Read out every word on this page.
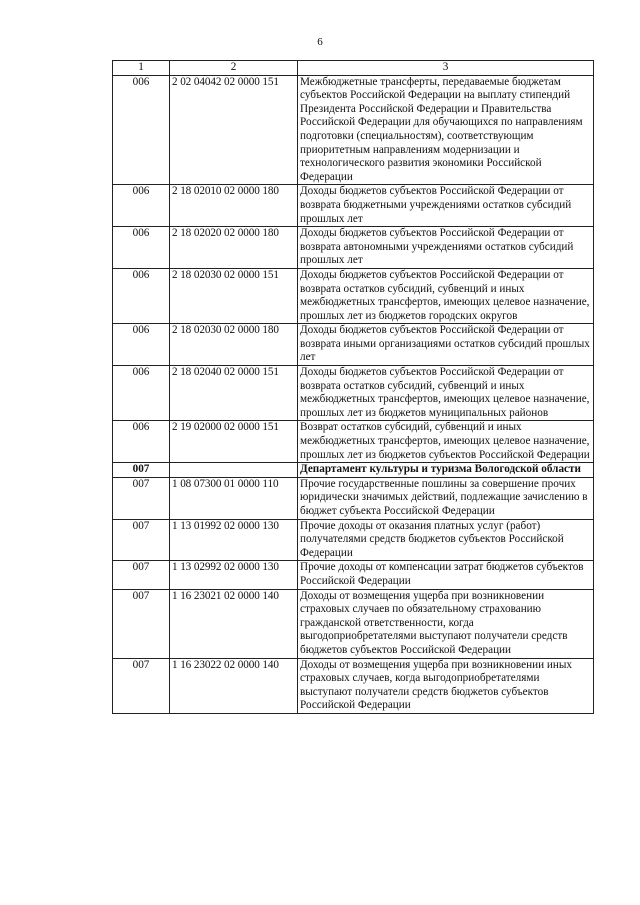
6
1	2	3
006	2 02 04042 02 0000 151	Межбюджетные трансферты, передаваемые бюджетам субъектов Российской Федерации на выплату стипендий Президента Российской Федерации и Правительства Российской Федерации для обучающихся по направлениям подготовки (специальностям), соответствующим приоритетным направлениям модернизации и технологического развития экономики Российской Федерации
006	2 18 02010 02 0000 180	Доходы бюджетов субъектов Российской Федерации от возврата бюджетными учреждениями остатков субсидий прошлых лет
006	2 18 02020 02 0000 180	Доходы бюджетов субъектов Российской Федерации от возврата автономными учреждениями остатков субсидий прошлых лет
006	2 18 02030 02 0000 151	Доходы бюджетов субъектов Российской Федерации от возврата остатков субсидий, субвенций и иных межбюджетных трансфертов, имеющих целевое назначение, прошлых лет из бюджетов городских округов
006	2 18 02030 02 0000 180	Доходы бюджетов субъектов Российской Федерации от возврата иными организациями остатков субсидий прошлых лет
006	2 18 02040 02 0000 151	Доходы бюджетов субъектов Российской Федерации от возврата остатков субсидий, субвенций и иных межбюджетных трансфертов, имеющих целевое назначение, прошлых лет из бюджетов муниципальных районов
006	2 19 02000 02 0000 151	Возврат остатков субсидий, субвенций и иных межбюджетных трансфертов, имеющих целевое назначение, прошлых лет из бюджетов субъектов Российской Федерации
007		Департамент культуры и туризма Вологодской области
007	1 08 07300 01 0000 110	Прочие государственные пошлины за совершение прочих юридически значимых действий, подлежащие зачислению в бюджет субъекта Российской Федерации
007	1 13 01992 02 0000 130	Прочие доходы от оказания платных услуг (работ) получателями средств бюджетов субъектов Российской Федерации
007	1 13 02992 02 0000 130	Прочие доходы от компенсации затрат бюджетов субъектов Российской Федерации
007	1 16 23021 02 0000 140	Доходы от возмещения ущерба при возникновении страховых случаев по обязательному страхованию гражданской ответственности, когда выгодоприобретателями выступают получатели средств бюджетов субъектов Российской Федерации
007	1 16 23022 02 0000 140	Доходы от возмещения ущерба при возникновении иных страховых случаев, когда выгодоприобретателями выступают получатели средств бюджетов субъектов Российской Федерации
